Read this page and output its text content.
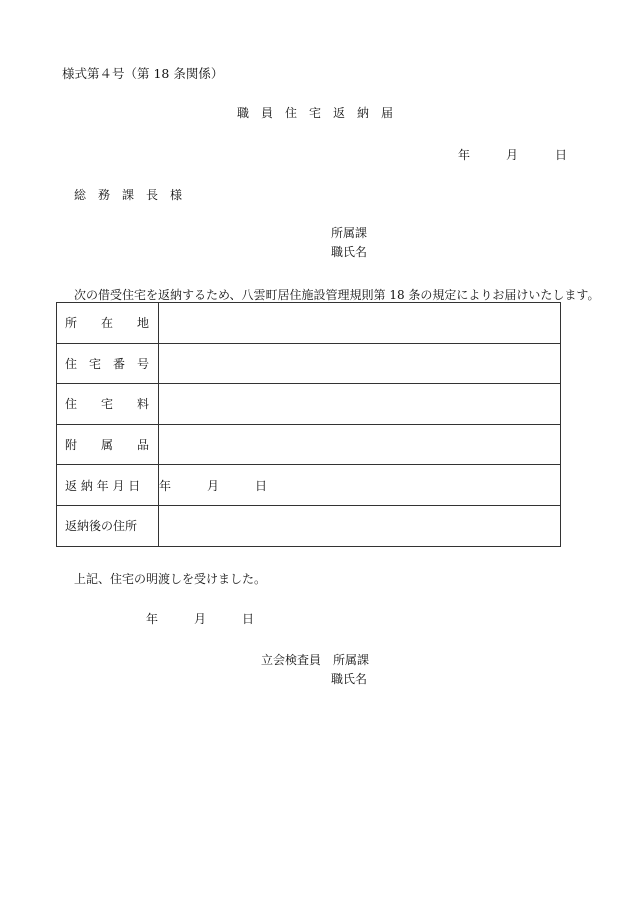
様式第４号（第 18 条関係）
職　員　住　宅　返　納　届
年	月	日
総　務　課　長　様
所属課
職氏名
次の借受住宅を返納するため、八雲町居住施設管理規則第 18 条の規定によりお届けいたします。
所　　在　　地	
住　宅　番　号	
住　　宅　　料	
附　　属　　品	
返 納 年 月 日	年 月 日
返納後の住所	
上記、住宅の明渡しを受けました。
年	月	日
立会検査員　 所属課
職氏名
